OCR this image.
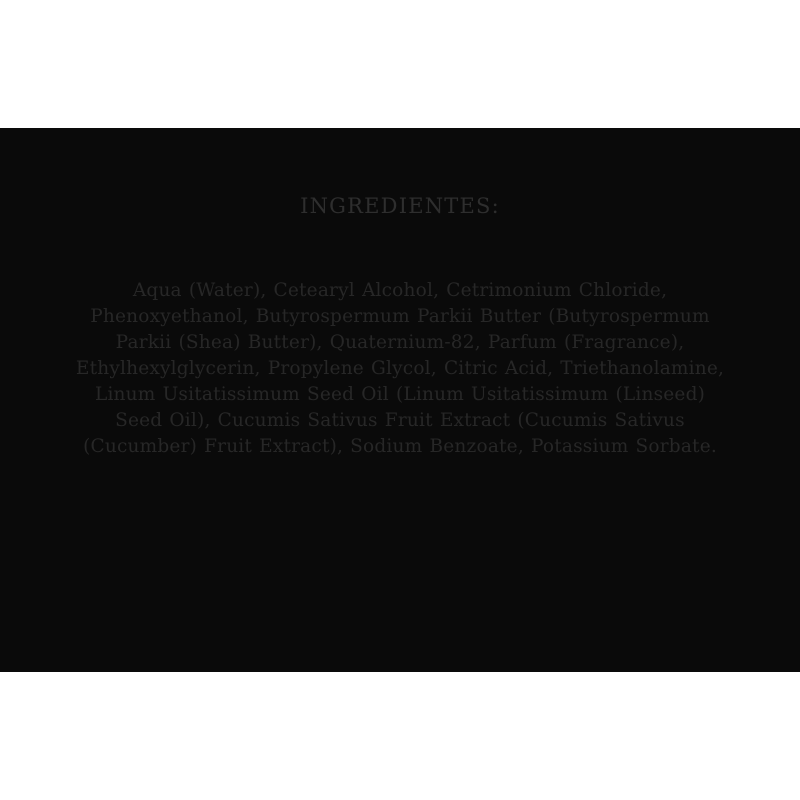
INGREDIENTES:
Aqua (Water), Cetearyl Alcohol, Cetrimonium Chloride, Phenoxyethanol, Butyrospermum Parkii Butter (Butyrospermum Parkii (Shea) Butter), Quaternium-82, Parfum (Fragrance), Ethylhexylglycerin, Propylene Glycol, Citric Acid, Triethanolamine, Linum Usitatissimum Seed Oil (Linum Usitatissimum (Linseed) Seed Oil), Cucumis Sativus Fruit Extract (Cucumis Sativus (Cucumber) Fruit Extract), Sodium Benzoate, Potassium Sorbate.
